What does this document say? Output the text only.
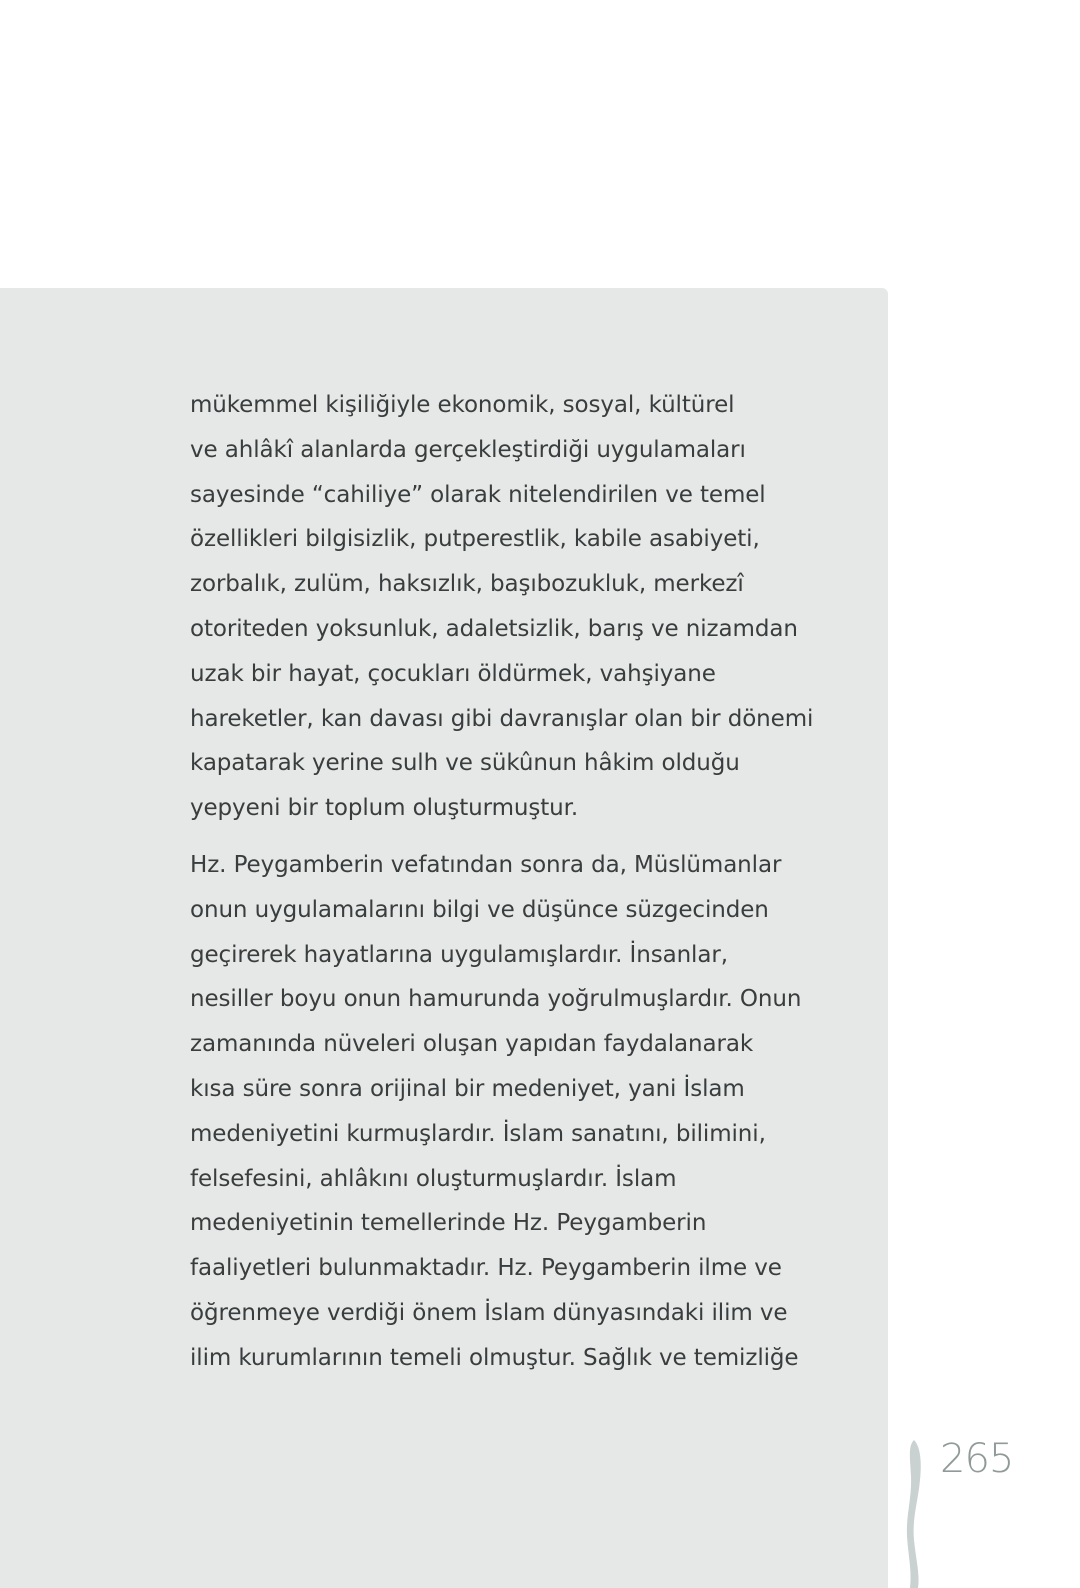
mükemmel kişiliğiyle ekonomik, sosyal, kültürel
ve ahlâkî alanlarda gerçekleştirdiği uygulamaları
sayesinde “cahiliye” olarak nitelendirilen ve temel
özellikleri bilgisizlik, putperestlik, kabile asabiyeti,
zorbalık, zulüm, haksızlık, başıbozukluk, merkezî
otoriteden yoksunluk, adaletsizlik, barış ve nizamdan
uzak bir hayat, çocukları öldürmek, vahşiyane
hareketler, kan davası gibi davranışlar olan bir dönemi
kapatarak yerine sulh ve sükûnun hâkim olduğu
yepyeni bir toplum oluşturmuştur.

Hz. Peygamberin vefatından sonra da, Müslümanlar
onun uygulamalarını bilgi ve düşünce süzgecinden
geçirerek hayatlarına uygulamışlardır. İnsanlar,
nesiller boyu onun hamurunda yoğrulmuşlardır. Onun
zamanında nüveleri oluşan yapıdan faydalanarak
kısa süre sonra orijinal bir medeniyet, yani İslam
medeniyetini kurmuşlardır. İslam sanatını, bilimini,
felsefesini, ahlâkını oluşturmuşlardır. İslam
medeniyetinin temellerinde Hz. Peygamberin
faaliyetleri bulunmaktadır. Hz. Peygamberin ilme ve
öğrenmeye verdiği önem İslam dünyasındaki ilim ve
ilim kurumlarının temeli olmuştur. Sağlık ve temizliğe

265
